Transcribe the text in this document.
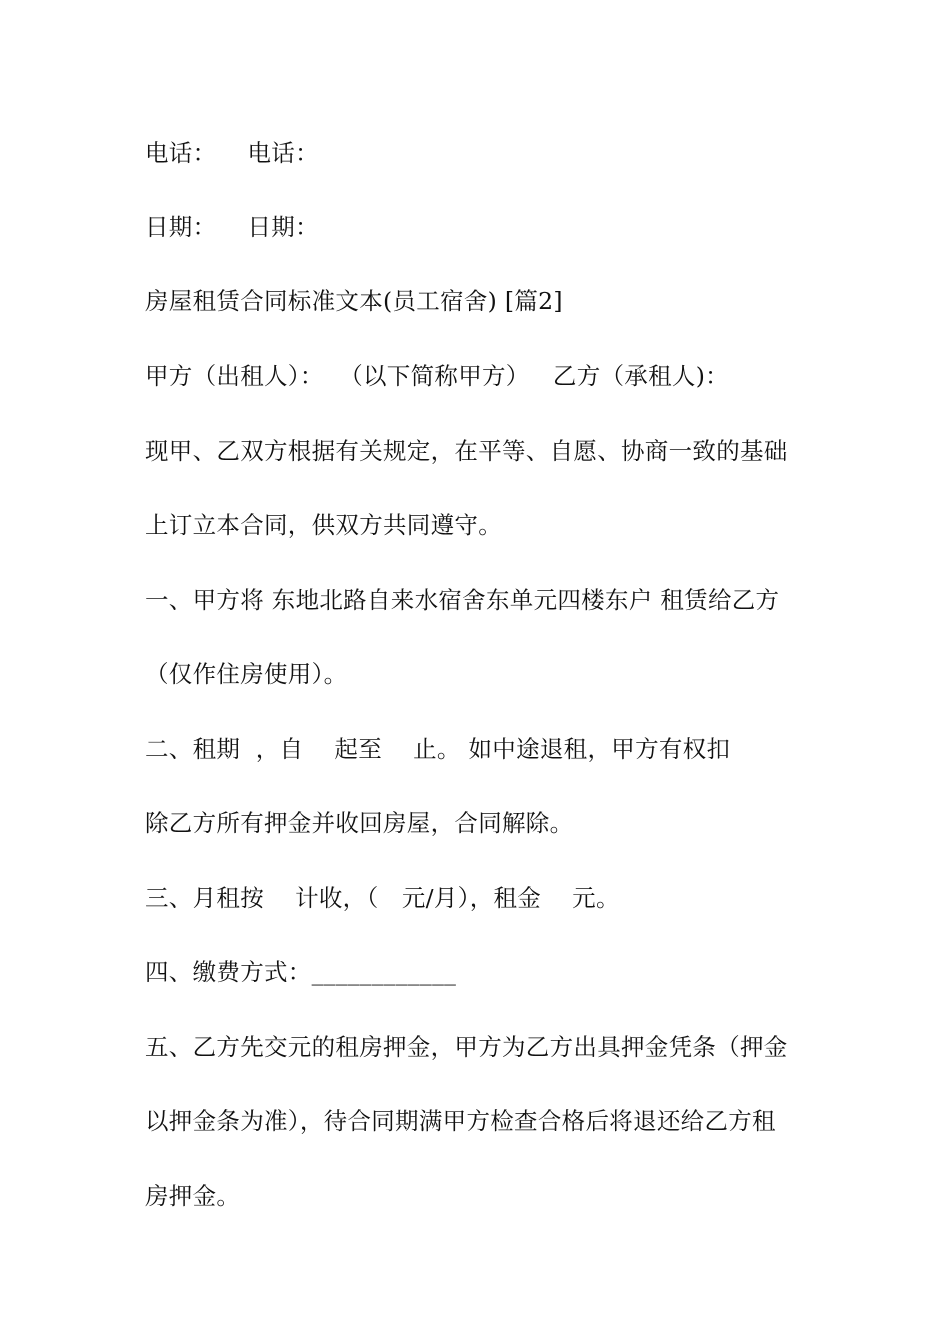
电话：    电话：
日期：    日期：
房屋租赁合同标准文本(员工宿舍) [篇2]
甲方（出租人）：  （以下简称甲方）   乙方（承租人)：
现甲、乙双方根据有关规定，在平等、自愿、协商一致的基础
上订立本合同，供双方共同遵守。
一、甲方将 东地北路自来水宿舍东单元四楼东户 租赁给乙方
（仅作住房使用）。
二、租期  ，自    起至    止。 如中途退租，甲方有权扣
除乙方所有押金并收回房屋，合同解除。
三、月租按    计收，（   元/月），租金    元。
四、缴费方式：____________
五、乙方先交元的租房押金，甲方为乙方出具押金凭条（押金
以押金条为准），待合同期满甲方检查合格后将退还给乙方租
房押金。
